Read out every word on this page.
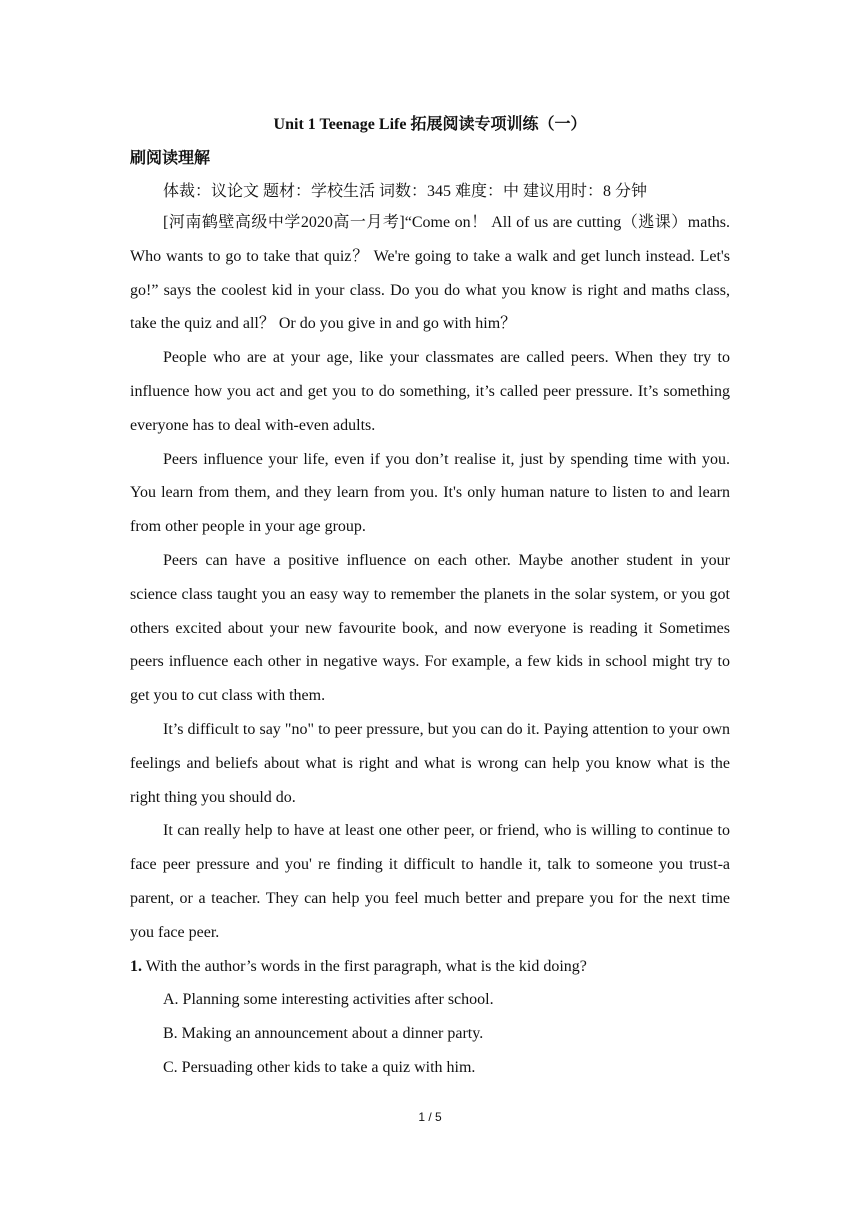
Unit 1 Teenage Life 拓展阅读专项训练（一）
刷阅读理解
体裁：议论文 题材：学校生活 词数：345 难度：中 建议用时：8 分钟

[河南鹤壁高级中学2020高一月考]“Come on！ All of us are cutting（逃课）maths. Who wants to go to take that quiz？ We're going to take a walk and get lunch instead. Let's go!” says the coolest kid in your class. Do you do what you know is right and maths class, take the quiz and all？ Or do you give in and go with him？

People who are at your age, like your classmates are called peers. When they try to influence how you act and get you to do something, it’s called peer pressure. It’s something everyone has to deal with-even adults.

Peers influence your life, even if you don’t realise it, just by spending time with you. You learn from them, and they learn from you. It's only human nature to listen to and learn from other people in your age group.

Peers can have a positive influence on each other. Maybe another student in your science class taught you an easy way to remember the planets in the solar system, or you got others excited about your new favourite book, and now everyone is reading it Sometimes peers influence each other in negative ways. For example, a few kids in school might try to get you to cut class with them.

It’s difficult to say "no" to peer pressure, but you can do it. Paying attention to your own feelings and beliefs about what is right and what is wrong can help you know what is the right thing you should do.

It can really help to have at least one other peer, or friend, who is willing to continue to face peer pressure and you' re finding it difficult to handle it, talk to someone you trust-a parent, or a teacher. They can help you feel much better and prepare you for the next time you face peer.

1. With the author’s words in the first paragraph, what is the kid doing?
A. Planning some interesting activities after school.
B. Making an announcement about a dinner party.
C. Persuading other kids to take a quiz with him.
1 / 5
